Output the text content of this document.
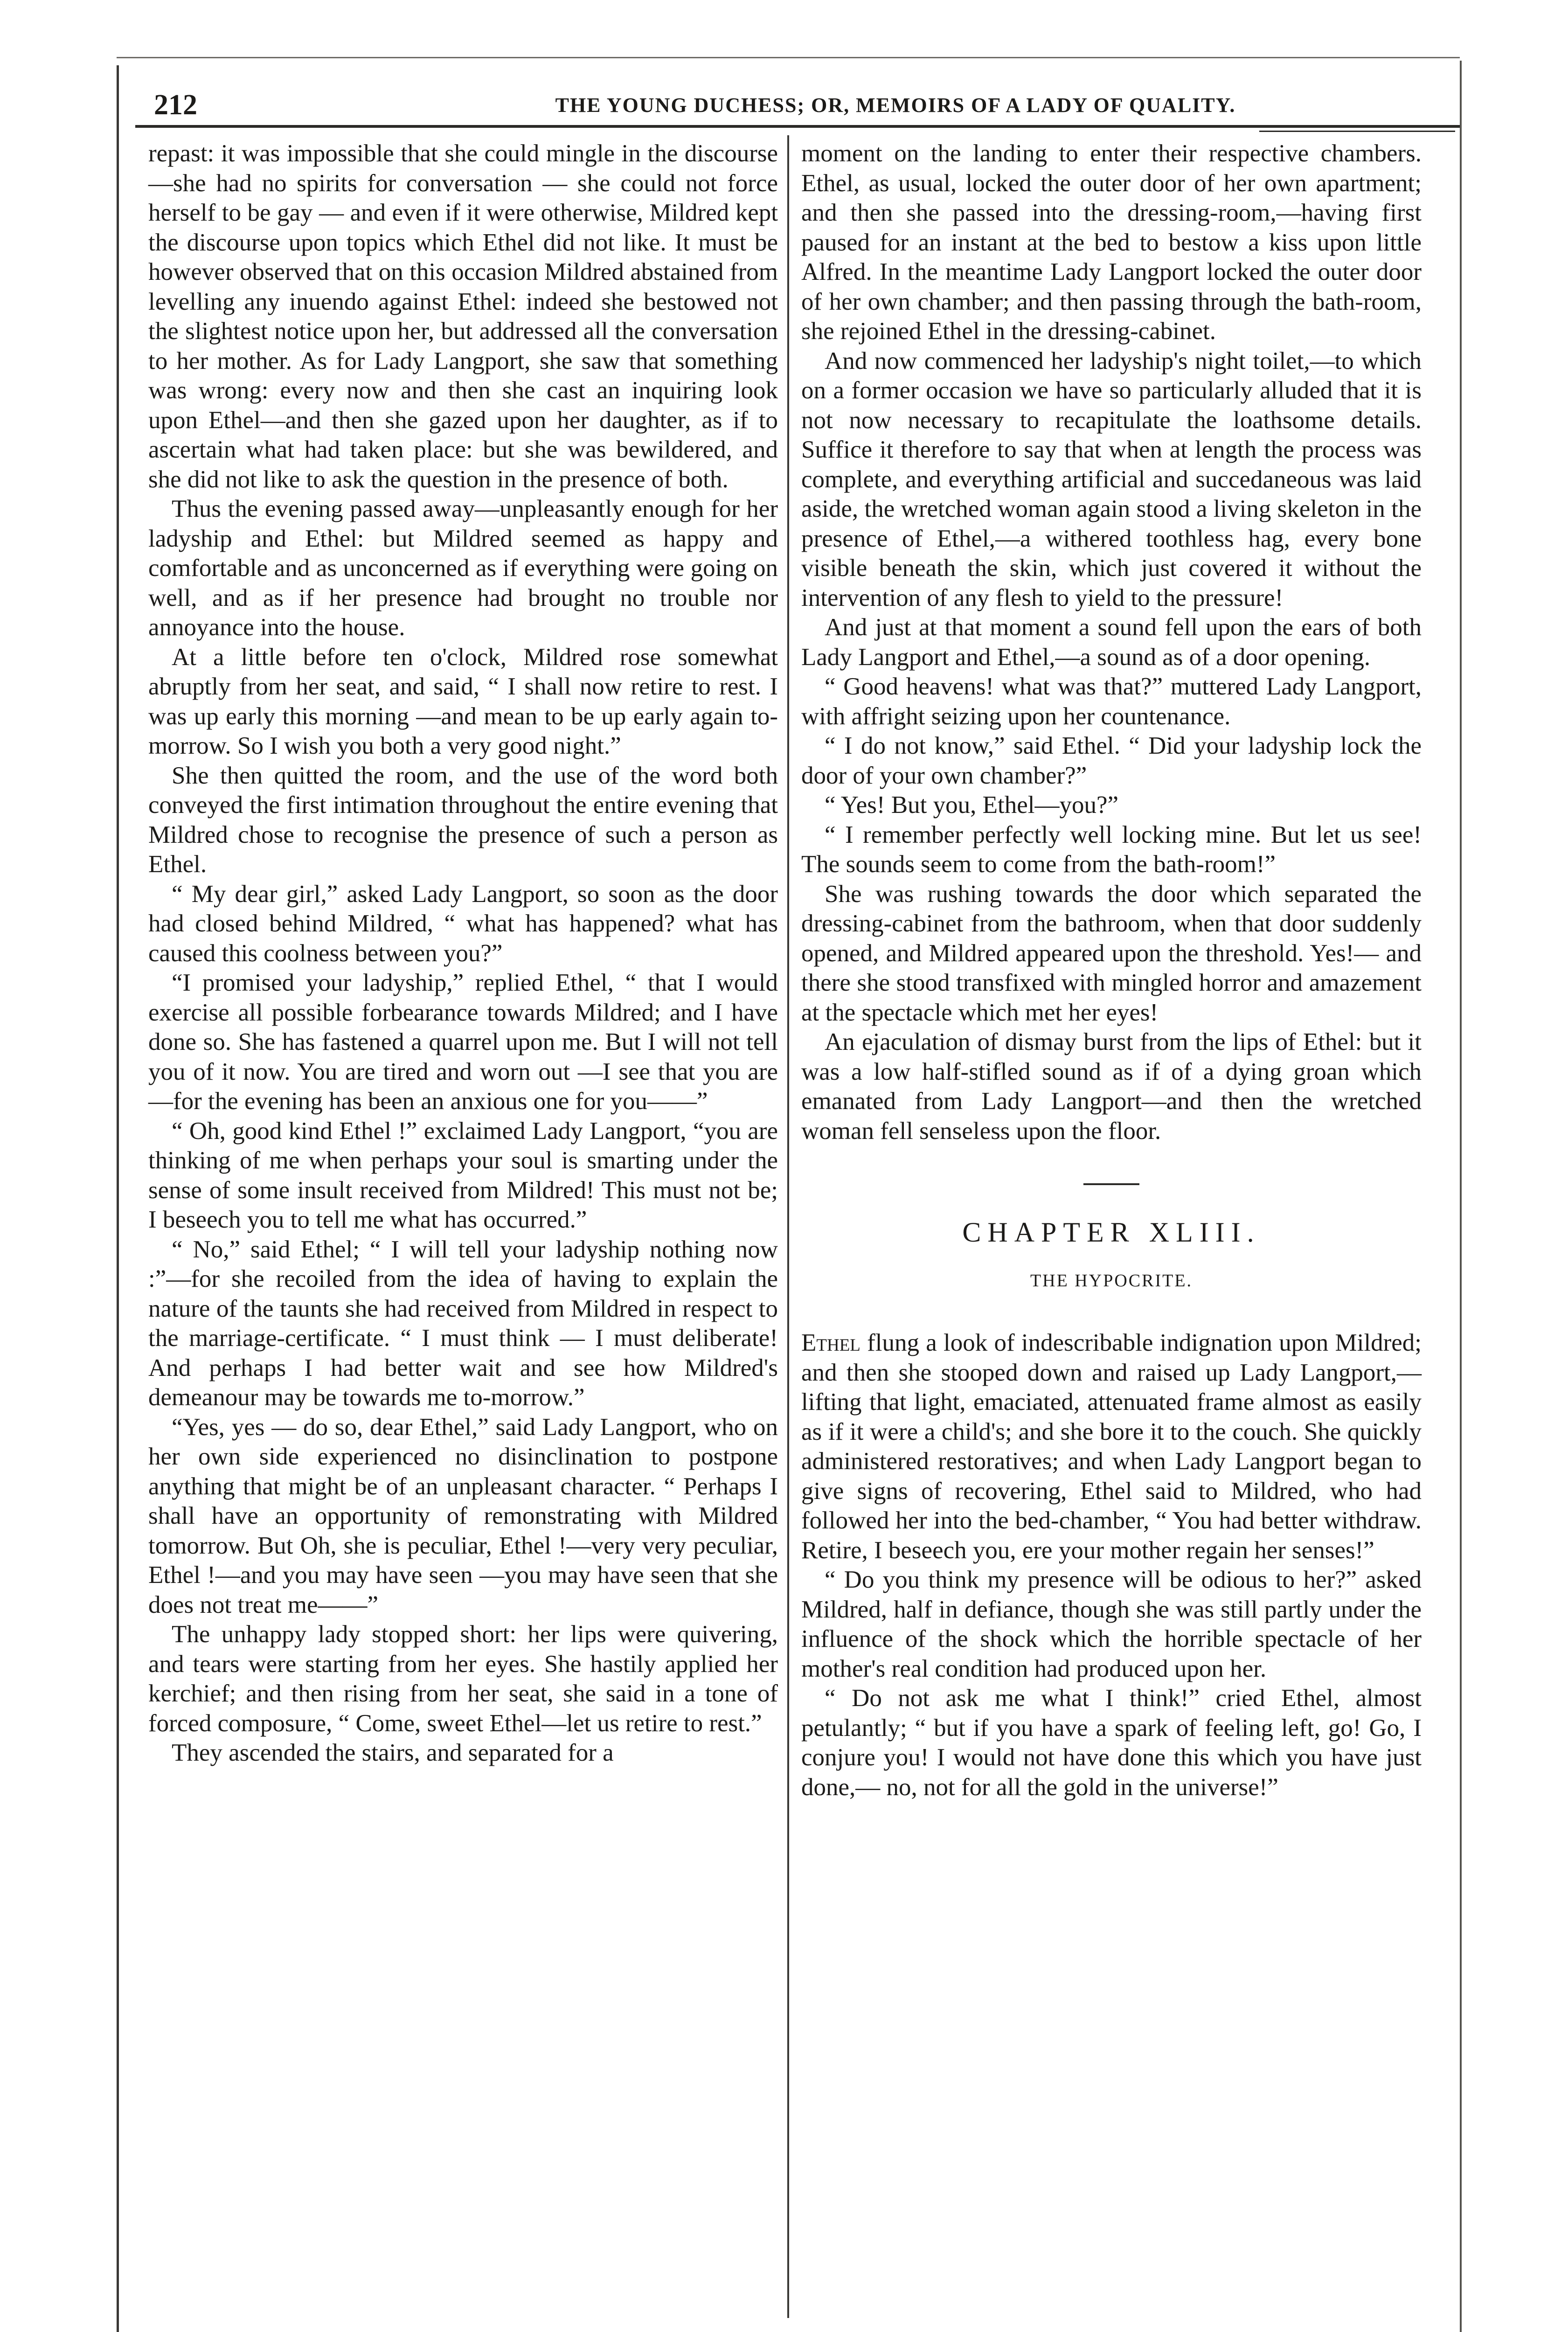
212	THE YOUNG DUCHESS; OR, MEMOIRS OF A LADY OF QUALITY.

repast: it was impossible that she could mingle in the discourse —she had no spirits for conversation — she could not force herself to be gay — and even if it were otherwise, Mildred kept the discourse upon topics which Ethel did not like. It must be however observed that on this occasion Mildred abstained from levelling any inuendo against Ethel: indeed she bestowed not the slightest notice upon her, but addressed all the conversation to her mother. As for Lady Langport, she saw that something was wrong: every now and then she cast an inquiring look upon Ethel—and then she gazed upon her daughter, as if to ascertain what had taken place: but she was bewildered, and she did not like to ask the question in the presence of both.

Thus the evening passed away—unpleasantly enough for her ladyship and Ethel: but Mildred seemed as happy and comfortable and as unconcerned as if everything were going on well, and as if her presence had brought no trouble nor annoyance into the house.

At a little before ten o'clock, Mildred rose somewhat abruptly from her seat, and said, “ I shall now retire to rest. I was up early this morning —and mean to be up early again to-morrow. So I wish you both a very good night.”

She then quitted the room, and the use of the word both conveyed the first intimation throughout the entire evening that Mildred chose to recognise the presence of such a person as Ethel.

“ My dear girl,” asked Lady Langport, so soon as the door had closed behind Mildred, “ what has happened? what has caused this coolness between you?”

“I promised your ladyship,” replied Ethel, “ that I would exercise all possible forbearance towards Mildred; and I have done so. She has fastened a quarrel upon me. But I will not tell you of it now. You are tired and worn out —I see that you are—for the evening has been an anxious one for you——”

“ Oh, good kind Ethel !” exclaimed Lady Langport, “you are thinking of me when perhaps your soul is smarting under the sense of some insult received from Mildred! This must not be; I beseech you to tell me what has occurred.”

“ No,” said Ethel; “ I will tell your ladyship nothing now :”—for she recoiled from the idea of having to explain the nature of the taunts she had received from Mildred in respect to the marriage-certificate. “ I must think — I must deliberate! And perhaps I had better wait and see how Mildred's demeanour may be towards me to-morrow.”

“Yes, yes — do so, dear Ethel,” said Lady Langport, who on her own side experienced no disinclination to postpone anything that might be of an unpleasant character. “ Perhaps I shall have an opportunity of remonstrating with Mildred tomorrow. But Oh, she is peculiar, Ethel !—very very peculiar, Ethel !—and you may have seen —you may have seen that she does not treat me——”

The unhappy lady stopped short: her lips were quivering, and tears were starting from her eyes. She hastily applied her kerchief; and then rising from her seat, she said in a tone of forced composure, “ Come, sweet Ethel—let us retire to rest.”

They ascended the stairs, and separated for a

moment on the landing to enter their respective chambers. Ethel, as usual, locked the outer door of her own apartment; and then she passed into the dressing-room,—having first paused for an instant at the bed to bestow a kiss upon little Alfred. In the meantime Lady Langport locked the outer door of her own chamber; and then passing through the bath-room, she rejoined Ethel in the dressing-cabinet.

And now commenced her ladyship's night toilet,—to which on a former occasion we have so particularly alluded that it is not now necessary to recapitulate the loathsome details. Suffice it therefore to say that when at length the process was complete, and everything artificial and succedaneous was laid aside, the wretched woman again stood a living skeleton in the presence of Ethel,—a withered toothless hag, every bone visible beneath the skin, which just covered it without the intervention of any flesh to yield to the pressure!

And just at that moment a sound fell upon the ears of both Lady Langport and Ethel,—a sound as of a door opening.

“ Good heavens! what was that?” muttered Lady Langport, with affright seizing upon her countenance.

“ I do not know,” said Ethel. “ Did your ladyship lock the door of your own chamber?”

“ Yes! But you, Ethel—you?”

“ I remember perfectly well locking mine. But let us see! The sounds seem to come from the bath-room!”

She was rushing towards the door which separated the dressing-cabinet from the bathroom, when that door suddenly opened, and Mildred appeared upon the threshold. Yes!— and there she stood transfixed with mingled horror and amazement at the spectacle which met her eyes!

An ejaculation of dismay burst from the lips of Ethel: but it was a low half-stifled sound as if of a dying groan which emanated from Lady Langport—and then the wretched woman fell senseless upon the floor.

CHAPTER XLIII.
THE HYPOCRITE.

Ethel flung a look of indescribable indignation upon Mildred; and then she stooped down and raised up Lady Langport,—lifting that light, emaciated, attenuated frame almost as easily as if it were a child's; and she bore it to the couch. She quickly administered restoratives; and when Lady Langport began to give signs of recovering, Ethel said to Mildred, who had followed her into the bed-chamber, “ You had better withdraw. Retire, I beseech you, ere your mother regain her senses!”

“ Do you think my presence will be odious to her?” asked Mildred, half in defiance, though she was still partly under the influence of the shock which the horrible spectacle of her mother's real condition had produced upon her.

“ Do not ask me what I think!” cried Ethel, almost petulantly; “ but if you have a spark of feeling left, go! Go, I conjure you! I would not have done this which you have just done,— no, not for all the gold in the universe!”
